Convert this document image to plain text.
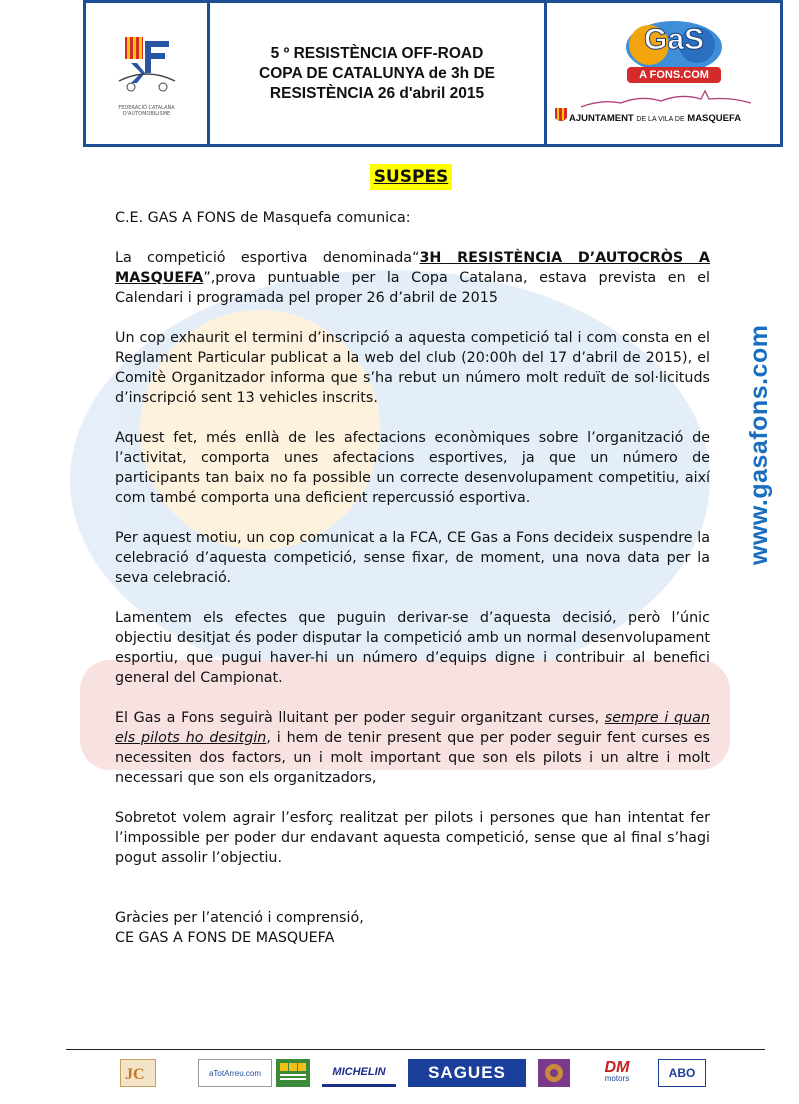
FEDERACIÓ CATALANA
D'AUTOMOBILISME
5 º RESISTÈNCIA OFF-ROAD
COPA DE CATALUNYA de 3h DE
RESISTÈNCIA 26 d'abril 2015
GaS
A FONS.COM
AJUNTAMENT DE LA VILA DE MASQUEFA
SUSPES

C.E. GAS A FONS de Masquefa comunica:

La competició esportiva denominada“3H RESISTÈNCIA D’AUTOCRÒS A MASQUEFA”,prova puntuable per la Copa Catalana, estava prevista en el Calendari i programada pel proper 26 d’abril de 2015

Un cop exhaurit el termini d’inscripció a aquesta competició tal i com consta en el Reglament Particular publicat a la web del club (20:00h del 17 d’abril de 2015), el Comitè Organitzador informa que s’ha rebut un número molt reduït de sol·licituds d’inscripció sent 13 vehicles inscrits.

Aquest fet, més enllà de les afectacions econòmiques sobre l’organització de l’activitat, comporta unes afectacions esportives, ja que un número de participants tan baix no fa possible un correcte desenvolupament competitiu, així com també comporta una deficient repercussió esportiva.

Per aquest motiu, un cop comunicat a la FCA, CE Gas a Fons decideix suspendre la celebració d’aquesta competició, sense fixar, de moment, una nova data per la seva celebració.

Lamentem els efectes que puguin derivar-se d’aquesta decisió, però l’únic objectiu desitjat és poder disputar la competició amb un normal desenvolupament esportiu, que pugui haver-hi un número d’equips digne i contribuir al benefici general del Campionat.

El Gas a Fons seguirà lluitant per poder seguir organitzant curses, sempre i quan els pilots ho desitgin, i hem de tenir present que per poder seguir fent curses es necessiten dos factors, un i molt important que son els pilots i un altre i molt necessari que son els organitzadors,

Sobretot volem agrair l’esforç realitzat per pilots i persones que han intentat fer l’impossible per poder dur endavant aquesta competició, sense que al final s’hagi pogut assolir l’objectiu.

Gràcies per l’atenció i comprensió,

CE GAS A FONS DE MASQUEFA

www.gasafons.com
JC	aTotArreu.com	MICHELIN	SAGUES	DM
motors	ABO
